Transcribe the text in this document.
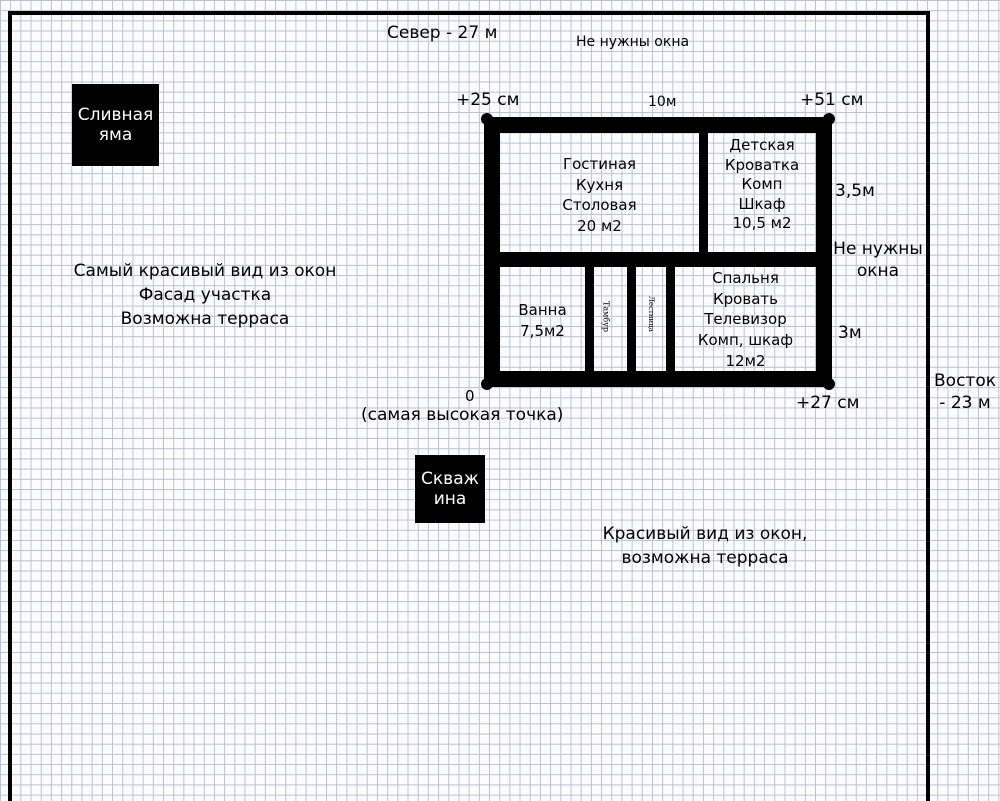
Север - 27 м	Не нужны окна
Сливная
яма
Скваж
ина
Самый красивый вид из окон
Фасад участка
Возможна терраса
Красивый вид из окон,
возможна терраса
Не нужны
окна
Восток
- 23 м
+25 см	+51 см
+27 см
0
(самая высокая точка)
10м
3,5м
3м
Гостиная
Кухня
Столовая
20 м2
Детская
Кроватка
Комп
Шкаф
10,5 м2
Ванна
7,5м2	Тамбур	Лестница
Спальня
Кровать
Телевизор
Комп, шкаф
12м2
